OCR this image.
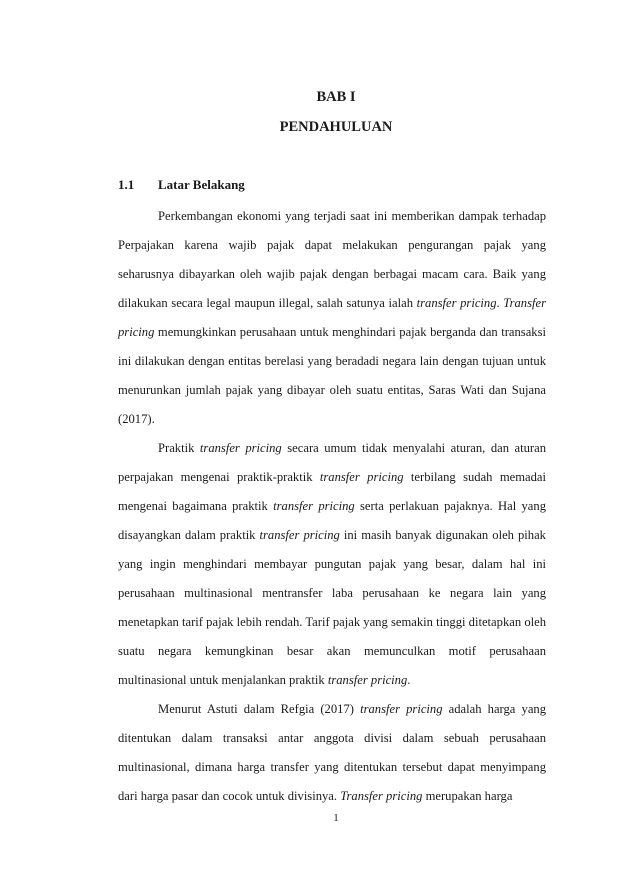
BAB I
PENDAHULUAN
1.1 Latar Belakang

Perkembangan ekonomi yang terjadi saat ini memberikan dampak terhadap Perpajakan karena wajib pajak dapat melakukan pengurangan pajak yang seharusnya dibayarkan oleh wajib pajak dengan berbagai macam cara. Baik yang dilakukan secara legal maupun illegal, salah satunya ialah transfer pricing. Transfer pricing memungkinkan perusahaan untuk menghindari pajak berganda dan transaksi ini dilakukan dengan entitas berelasi yang beradadi negara lain dengan tujuan untuk menurunkan jumlah pajak yang dibayar oleh suatu entitas, Saras Wati dan Sujana (2017).

Praktik transfer pricing secara umum tidak menyalahi aturan, dan aturan perpajakan mengenai praktik-praktik transfer pricing terbilang sudah memadai mengenai bagaimana praktik transfer pricing serta perlakuan pajaknya. Hal yang disayangkan dalam praktik transfer pricing ini masih banyak digunakan oleh pihak yang ingin menghindari membayar pungutan pajak yang besar, dalam hal ini perusahaan multinasional mentransfer laba perusahaan ke negara lain yang menetapkan tarif pajak lebih rendah. Tarif pajak yang semakin tinggi ditetapkan oleh suatu negara kemungkinan besar akan memunculkan motif perusahaan multinasional untuk menjalankan praktik transfer pricing.

Menurut Astuti dalam Refgia (2017) transfer pricing adalah harga yang ditentukan dalam transaksi antar anggota divisi dalam sebuah perusahaan multinasional, dimana harga transfer yang ditentukan tersebut dapat menyimpang dari harga pasar dan cocok untuk divisinya. Transfer pricing merupakan harga

1
